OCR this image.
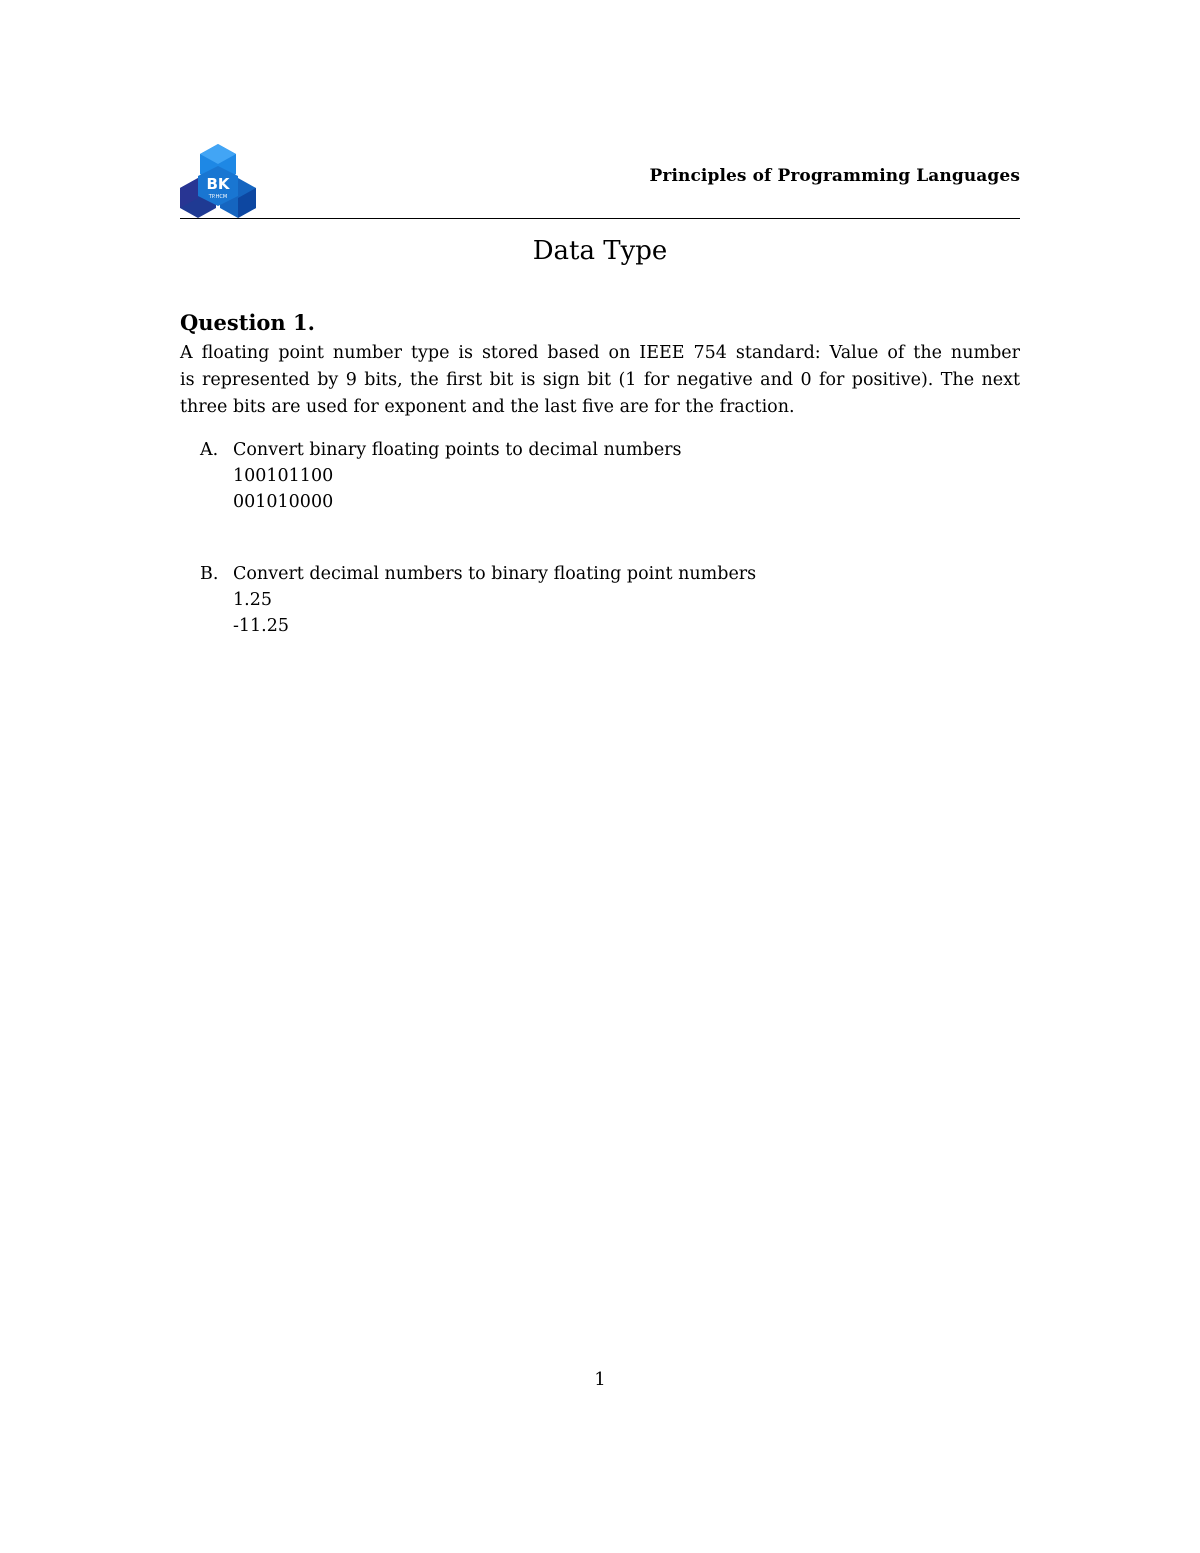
BK
TP.HCM
Principles of Programming Languages
Data Type
Question 1.
A floating point number type is stored based on IEEE 754 standard: Value of the number
is represented by 9 bits, the first bit is sign bit (1 for negative and 0 for positive). The next
three bits are used for exponent and the last five are for the fraction.
A. Convert binary floating points to decimal numbers
100101100
001010000
B. Convert decimal numbers to binary floating point numbers
1.25
-11.25
1
